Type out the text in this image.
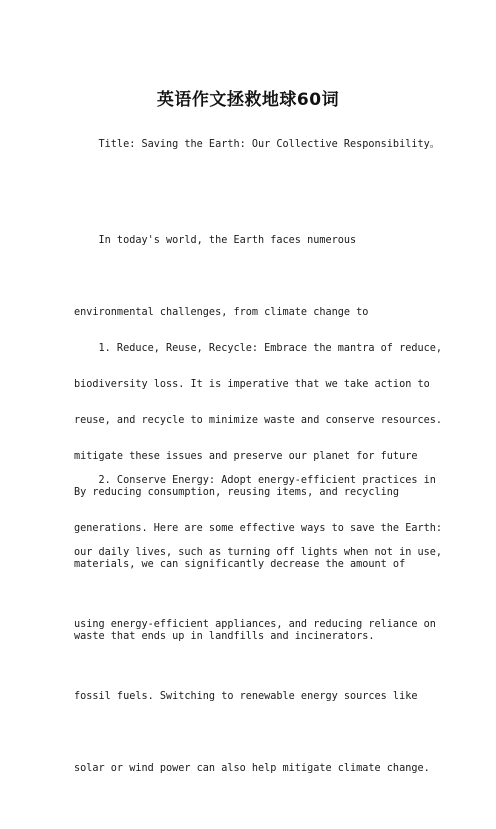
英语作文拯救地球60词
Title: Saving the Earth: Our Collective Responsibility。

In today's world, the Earth faces numerous

environmental challenges, from climate change to

biodiversity loss. It is imperative that we take action to

mitigate these issues and preserve our planet for future

generations. Here are some effective ways to save the Earth:

1. Reduce, Reuse, Recycle: Embrace the mantra of reduce,

reuse, and recycle to minimize waste and conserve resources.

By reducing consumption, reusing items, and recycling

materials, we can significantly decrease the amount of

waste that ends up in landfills and incinerators.

2. Conserve Energy: Adopt energy-efficient practices in

our daily lives, such as turning off lights when not in use,

using energy-efficient appliances, and reducing reliance on

fossil fuels. Switching to renewable energy sources like

solar or wind power can also help mitigate climate change.
